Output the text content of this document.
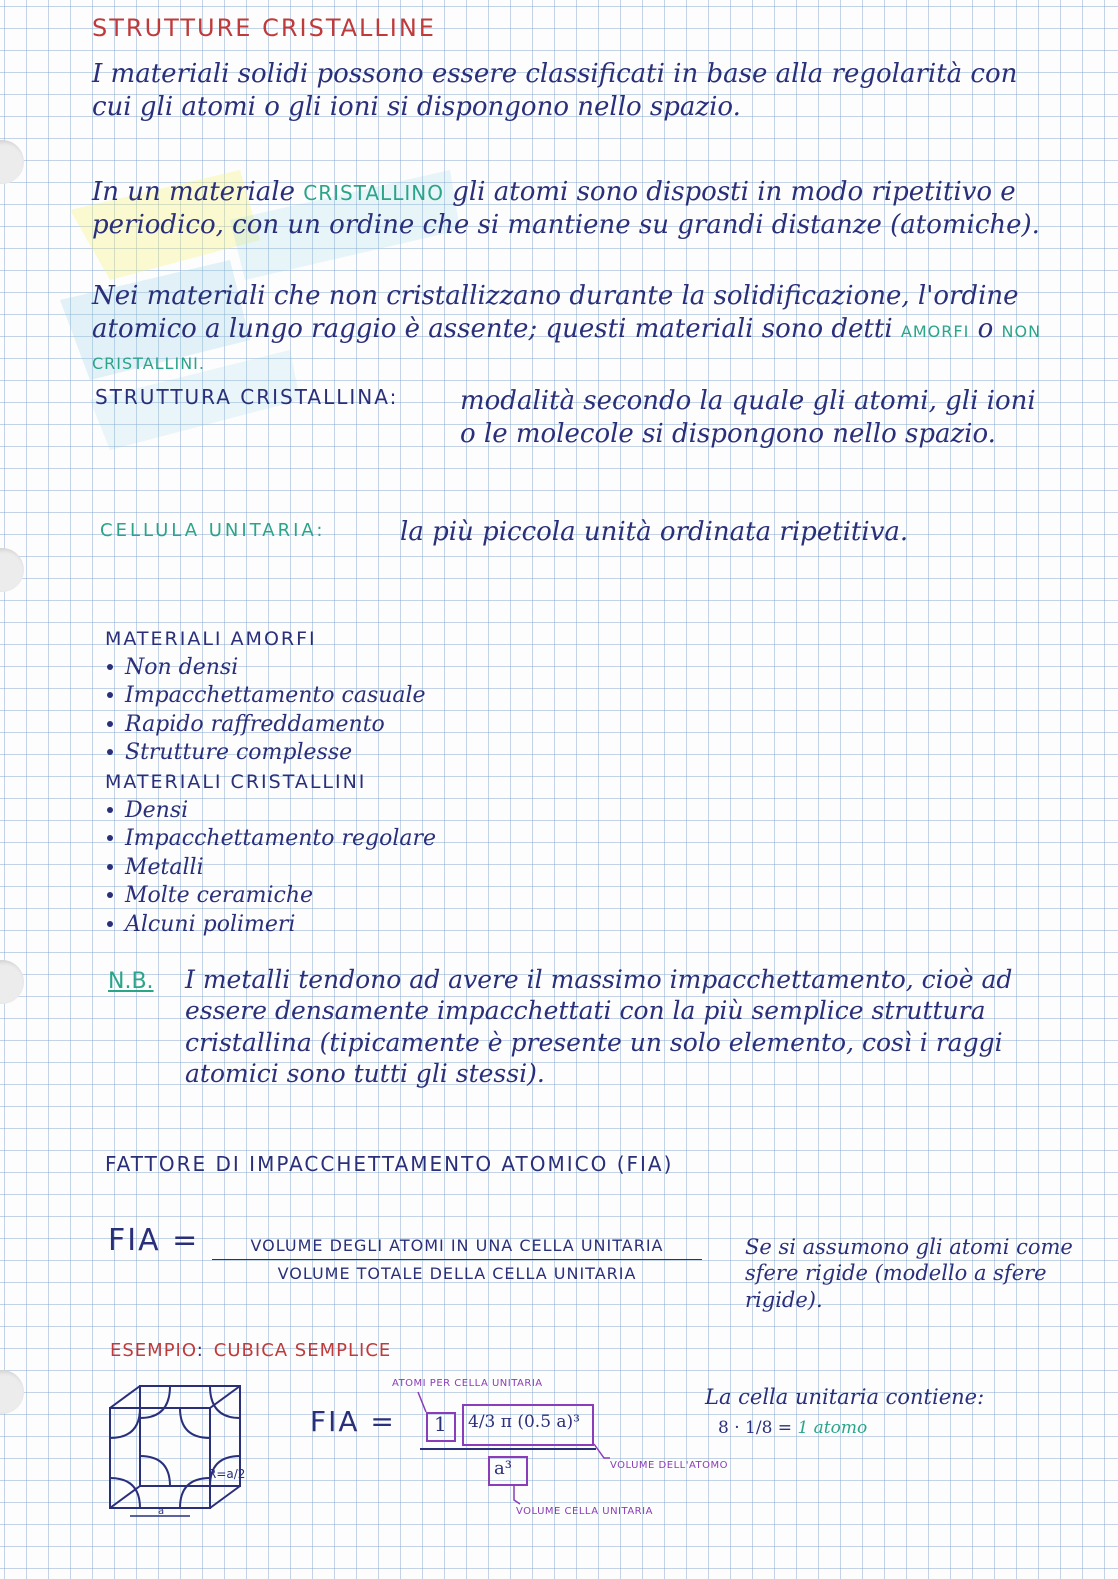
STRUTTURE CRISTALLINE

I materiali solidi possono essere classificati in base alla regolarità con cui gli atomi o gli ioni si dispongono nello spazio.

In un materiale CRISTALLINO gli atomi sono disposti in modo ripetitivo e periodico, con un ordine che si mantiene su grandi distanze (atomiche).

Nei materiali che non cristallizzano durante la solidificazione, l'ordine atomico a lungo raggio è assente; questi materiali sono detti AMORFI o NON CRISTALLINI.

STRUTTURA CRISTALLINA: modalità secondo la quale gli atomi, gli ioni o le molecole si dispongono nello spazio.

CELLULA UNITARIA:	la più piccola unità ordinata ripetitiva.

MATERIALI AMORFI

Non densi

Impacchettamento casuale

Rapido raffreddamento

Strutture complesse

MATERIALI CRISTALLINI

Densi

Impacchettamento regolare

Metalli

Molte ceramiche

Alcuni polimeri

N.B. I metalli tendono ad avere il massimo impacchettamento, cioè ad essere densamente impacchettati con la più semplice struttura cristallina (tipicamente è presente un solo elemento, così i raggi atomici sono tutti gli stessi).

FATTORE DI IMPACCHETTAMENTO ATOMICO (FIA)

FIA =	VOLUME DEGLI ATOMI IN UNA CELLA UNITARIA
VOLUME TOTALE DELLA CELLA UNITARIA

Se si assumono gli atomi come sfere rigide (modello a sfere rigide).

ESEMPIO: CUBICA SEMPLICE

a
R=a/2

FIA = 1 4/3 π (0.5 a)³
a³
ATOMI PER CELLA UNITARIA
VOLUME DELL'ATOMO
VOLUME CELLA UNITARIA

La cella unitaria contiene:

8 · 1/8 = 1 atomo
